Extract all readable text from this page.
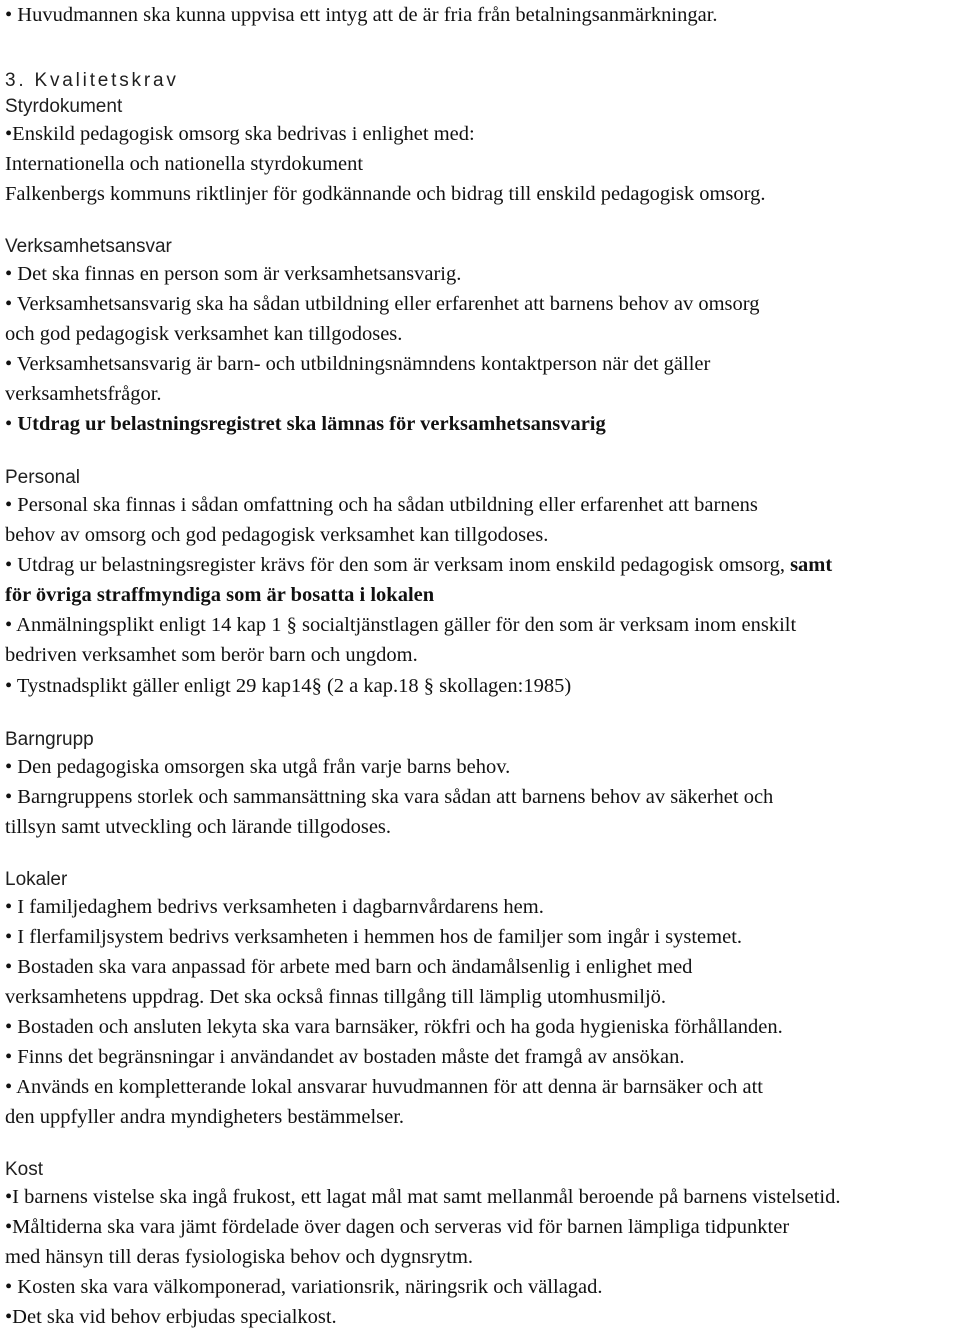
• Huvudmannen ska kunna uppvisa ett intyg att de är fria från betalningsanmärkningar.
3. Kvalitetskrav
Styrdokument
•Enskild pedagogisk omsorg ska bedrivas i enlighet med:
Internationella och nationella styrdokument
Falkenbergs kommuns riktlinjer för godkännande och bidrag till enskild pedagogisk omsorg.
Verksamhetsansvar
• Det ska finnas en person som är verksamhetsansvarig.
• Verksamhetsansvarig ska ha sådan utbildning eller erfarenhet att barnens behov av omsorg
och god pedagogisk verksamhet kan tillgodoses.
• Verksamhetsansvarig är barn- och utbildningsnämndens kontaktperson när det gäller
verksamhetsfrågor.
• Utdrag ur belastningsregistret ska lämnas för verksamhetsansvarig
Personal
• Personal ska finnas i sådan omfattning och ha sådan utbildning eller erfarenhet att barnens
behov av omsorg och god pedagogisk verksamhet kan tillgodoses.
• Utdrag ur belastningsregister krävs för den som är verksam inom enskild pedagogisk omsorg, samt
för övriga straffmyndiga som är bosatta i lokalen
• Anmälningsplikt enligt 14 kap 1 § socialtjänstlagen gäller för den som är verksam inom enskilt
bedriven verksamhet som berör barn och ungdom.
• Tystnadsplikt gäller enligt 29 kap14§ (2 a kap.18 § skollagen:1985)
Barngrupp
• Den pedagogiska omsorgen ska utgå från varje barns behov.
• Barngruppens storlek och sammansättning ska vara sådan att barnens behov av säkerhet och
tillsyn samt utveckling och lärande tillgodoses.
Lokaler
• I familjedaghem bedrivs verksamheten i dagbarnvårdarens hem.
• I flerfamiljsystem bedrivs verksamheten i hemmen hos de familjer som ingår i systemet.
• Bostaden ska vara anpassad för arbete med barn och ändamålsenlig i enlighet med
verksamhetens uppdrag. Det ska också finnas tillgång till lämplig utomhusmiljö.
• Bostaden och ansluten lekyta ska vara barnsäker, rökfri och ha goda hygieniska förhållanden.
• Finns det begränsningar i användandet av bostaden måste det framgå av ansökan.
• Används en kompletterande lokal ansvarar huvudmannen för att denna är barnsäker och att
den uppfyller andra myndigheters bestämmelser.
Kost
•I barnens vistelse ska ingå frukost, ett lagat mål mat samt mellanmål beroende på barnens vistelsetid.
•Måltiderna ska vara jämt fördelade över dagen och serveras vid för barnen lämpliga tidpunkter
med hänsyn till deras fysiologiska behov och dygnsrytm.
• Kosten ska vara välkomponerad, variationsrik, näringsrik och vällagad.
•Det ska vid behov erbjudas specialkost.
